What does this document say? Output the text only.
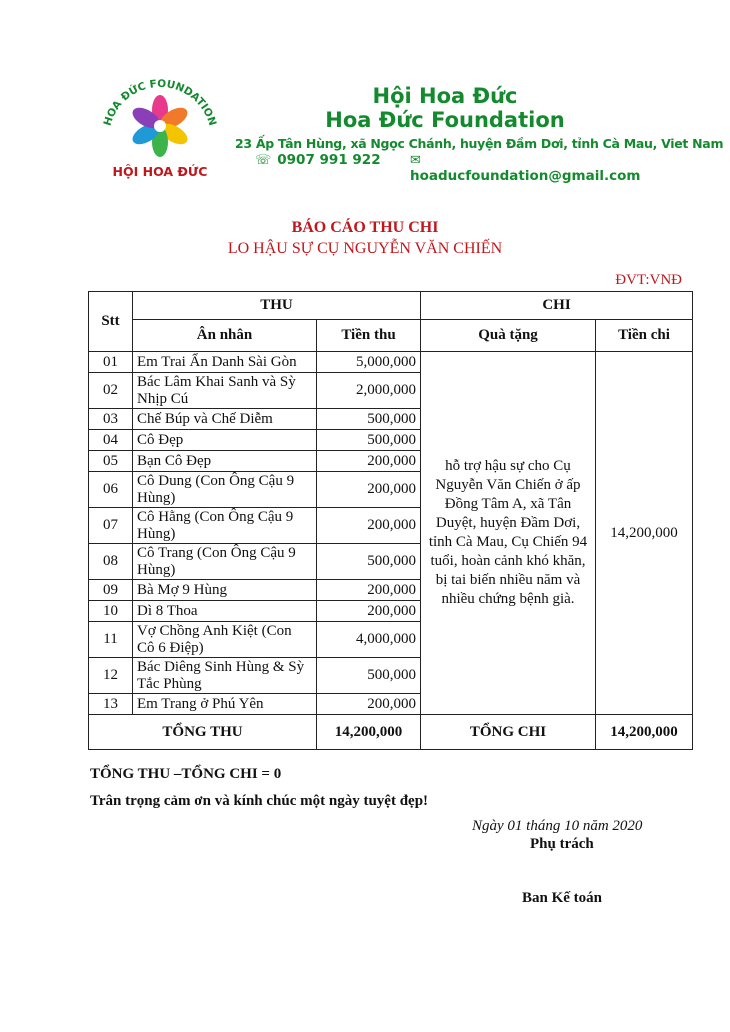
HOA ĐỨC FOUNDATION
HỘI HOA ĐỨC
Hội Hoa Đức
Hoa Đức Foundation
23 Ấp Tân Hùng, xã Ngọc Chánh, huyện Đầm Dơi, tỉnh Cà Mau, Viet Nam
☏ 0907 991 922 ✉hoaducfoundation@gmail.com
BÁO CÁO THU CHI
LO HẬU SỰ CỤ NGUYỄN VĂN CHIẾN
ĐVT:VNĐ
Stt	THU		CHI	
	Ân nhân	Tiền thu	Quà tặng	Tiền chi
01	Em Trai Ẩn Danh Sài Gòn	5,000,000	hỗ trợ hậu sự cho Cụ Nguyễn Văn Chiến ở ấp Đồng Tâm A, xã Tân Duyệt, huyện Đầm Dơi, tỉnh Cà Mau, Cụ Chiến 94 tuổi, hoàn cảnh khó khăn, bị tai biến nhiều năm và nhiều chứng bệnh già.	14,200,000
02	Bác Lâm Khai Sanh và Sỳ Nhịp Cú	2,000,000		
03	Chế Búp và Chế Diễm	500,000		
04	Cô Đẹp	500,000		
05	Bạn Cô Đẹp	200,000		
06	Cô Dung (Con Ông Cậu 9 Hùng)	200,000		
07	Cô Hằng (Con Ông Cậu 9 Hùng)	200,000		
08	Cô Trang (Con Ông Cậu 9 Hùng)	500,000		
09	Bà Mợ 9 Hùng	200,000		
10	Dì 8 Thoa	200,000		
11	Vợ Chồng Anh Kiệt (Con Cô 6 Điệp)	4,000,000		
12	Bác Diêng Sinh Hùng & Sỳ Tắc Phùng	500,000		
13	Em Trang ở Phú Yên	200,000		
TỔNG THU		14,200,000	TỔNG CHI	14,200,000
TỔNG THU –TỔNG CHI = 0
Trân trọng cảm ơn và kính chúc một ngày tuyệt đẹp!
Ngày 01 tháng 10 năm 2020
Phụ trách
Ban Kế toán
